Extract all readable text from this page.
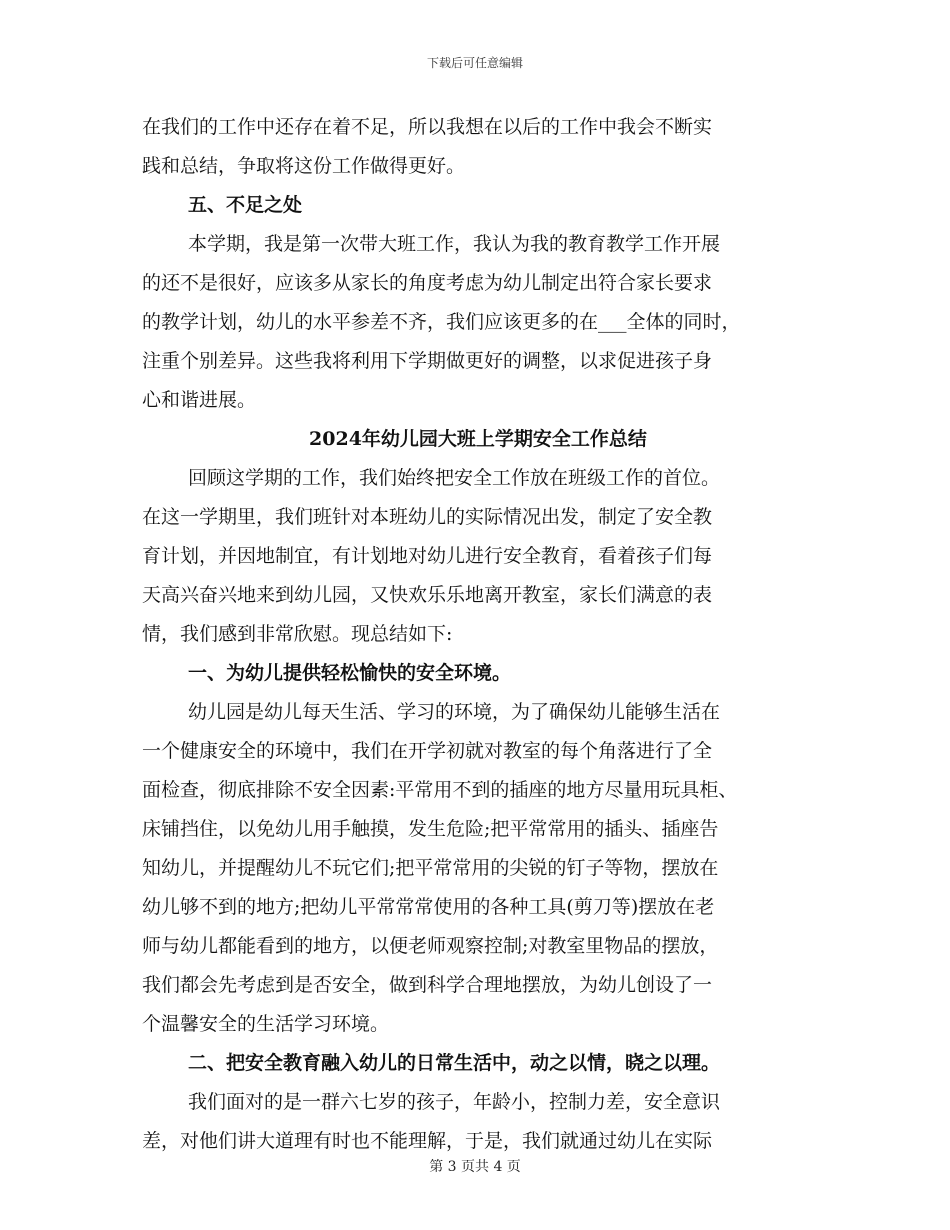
下载后可任意编辑
在我们的工作中还存在着不足，所以我想在以后的工作中我会不断实
践和总结，争取将这份工作做得更好。
五、不足之处
本学期，我是第一次带大班工作，我认为我的教育教学工作开展
的还不是很好，应该多从家长的角度考虑为幼儿制定出符合家长要求
的教学计划，幼儿的水平参差不齐，我们应该更多的在___全体的同时，
注重个别差异。这些我将利用下学期做更好的调整，以求促进孩子身
心和谐进展。
2024年幼儿园大班上学期安全工作总结
回顾这学期的工作，我们始终把安全工作放在班级工作的首位。
在这一学期里，我们班针对本班幼儿的实际情况出发，制定了安全教
育计划，并因地制宜，有计划地对幼儿进行安全教育，看着孩子们每
天高兴奋兴地来到幼儿园，又快欢乐乐地离开教室，家长们满意的表
情，我们感到非常欣慰。现总结如下:
一、为幼儿提供轻松愉快的安全环境。
幼儿园是幼儿每天生活、学习的环境，为了确保幼儿能够生活在
一个健康安全的环境中，我们在开学初就对教室的每个角落进行了全
面检查，彻底排除不安全因素:平常用不到的插座的地方尽量用玩具柜、
床铺挡住，以免幼儿用手触摸，发生危险;把平常常用的插头、插座告
知幼儿，并提醒幼儿不玩它们;把平常常用的尖锐的钉子等物，摆放在
幼儿够不到的地方;把幼儿平常常常使用的各种工具(剪刀等)摆放在老
师与幼儿都能看到的地方，以便老师观察控制;对教室里物品的摆放，
我们都会先考虑到是否安全，做到科学合理地摆放，为幼儿创设了一
个温馨安全的生活学习环境。
二、把安全教育融入幼儿的日常生活中，动之以情，晓之以理。
我们面对的是一群六七岁的孩子，年龄小，控制力差，安全意识
差，对他们讲大道理有时也不能理解，于是，我们就通过幼儿在实际
第 3 页共 4 页
